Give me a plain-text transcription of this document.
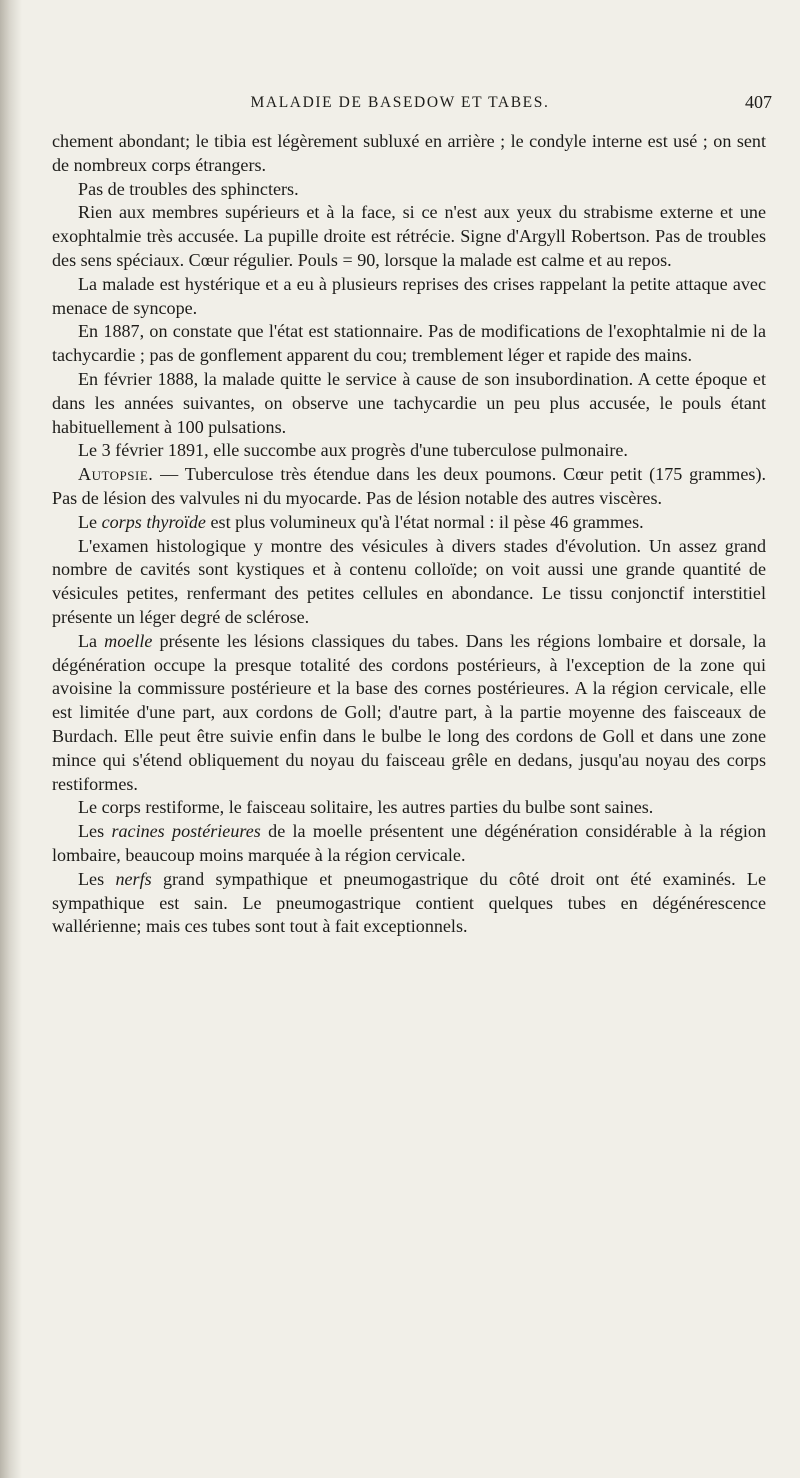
MALADIE DE BASEDOW ET TABES.	407

chement abondant; le tibia est légèrement subluxé en arrière ; le condyle interne est usé ; on sent de nombreux corps étrangers.

Pas de troubles des sphincters.

Rien aux membres supérieurs et à la face, si ce n'est aux yeux du strabisme externe et une exophtalmie très accusée. La pupille droite est rétrécie. Signe d'Argyll Robertson. Pas de troubles des sens spéciaux. Cœur régulier. Pouls = 90, lorsque la malade est calme et au repos.

La malade est hystérique et a eu à plusieurs reprises des crises rappelant la petite attaque avec menace de syncope.

En 1887, on constate que l'état est stationnaire. Pas de modifications de l'exophtalmie ni de la tachycardie ; pas de gonflement apparent du cou; tremblement léger et rapide des mains.

En février 1888, la malade quitte le service à cause de son insubordination. A cette époque et dans les années suivantes, on observe une tachycardie un peu plus accusée, le pouls étant habituellement à 100 pulsations.

Le 3 février 1891, elle succombe aux progrès d'une tuberculose pulmonaire.

Autopsie. — Tuberculose très étendue dans les deux poumons. Cœur petit (175 grammes). Pas de lésion des valvules ni du myocarde. Pas de lésion notable des autres viscères.

Le corps thyroïde est plus volumineux qu'à l'état normal : il pèse 46 grammes.

L'examen histologique y montre des vésicules à divers stades d'évolution. Un assez grand nombre de cavités sont kystiques et à contenu colloïde; on voit aussi une grande quantité de vésicules petites, renfermant des petites cellules en abondance. Le tissu conjonctif interstitiel présente un léger degré de sclérose.

La moelle présente les lésions classiques du tabes. Dans les régions lombaire et dorsale, la dégénération occupe la presque totalité des cordons postérieurs, à l'exception de la zone qui avoisine la commissure postérieure et la base des cornes postérieures. A la région cervicale, elle est limitée d'une part, aux cordons de Goll; d'autre part, à la partie moyenne des faisceaux de Burdach. Elle peut être suivie enfin dans le bulbe le long des cordons de Goll et dans une zone mince qui s'étend obliquement du noyau du faisceau grêle en dedans, jusqu'au noyau des corps restiformes.

Le corps restiforme, le faisceau solitaire, les autres parties du bulbe sont saines.

Les racines postérieures de la moelle présentent une dégénération considérable à la région lombaire, beaucoup moins marquée à la région cervicale.

Les nerfs grand sympathique et pneumogastrique du côté droit ont été examinés. Le sympathique est sain. Le pneumogastrique contient quelques tubes en dégénérescence wallérienne; mais ces tubes sont tout à fait exceptionnels.
